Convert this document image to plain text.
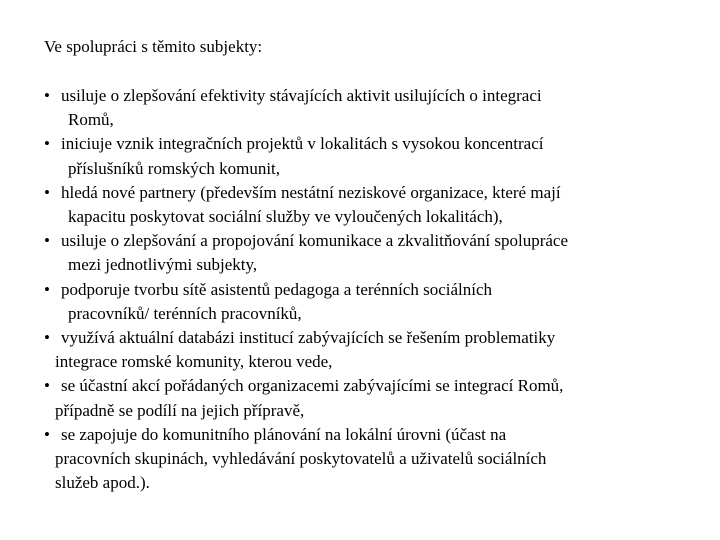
Ve spolupráci s těmito subjekty:
• usiluje o zlepšování efektivity stávajících aktivit usilujících o integraci
Romů,
• iniciuje vznik integračních projektů v lokalitách s vysokou koncentrací
příslušníků romských komunit,
• hledá nové partnery (především nestátní neziskové organizace, které mají
kapacitu poskytovat sociální služby ve vyloučených lokalitách),
• usiluje o zlepšování a propojování komunikace a zkvalitňování spolupráce
mezi jednotlivými subjekty,
• podporuje tvorbu sítě asistentů pedagoga a terénních sociálních
pracovníků/ terénních pracovníků,
• využívá aktuální databázi institucí zabývajících se řešením problematiky
integrace romské komunity, kterou vede,
• se účastní akcí pořádaných organizacemi zabývajícími se integrací Romů,
případně se podílí na jejich přípravě,
• se zapojuje do komunitního plánování na lokální úrovni (účast na
pracovních skupinách, vyhledávání poskytovatelů a uživatelů sociálních
služeb apod.).
